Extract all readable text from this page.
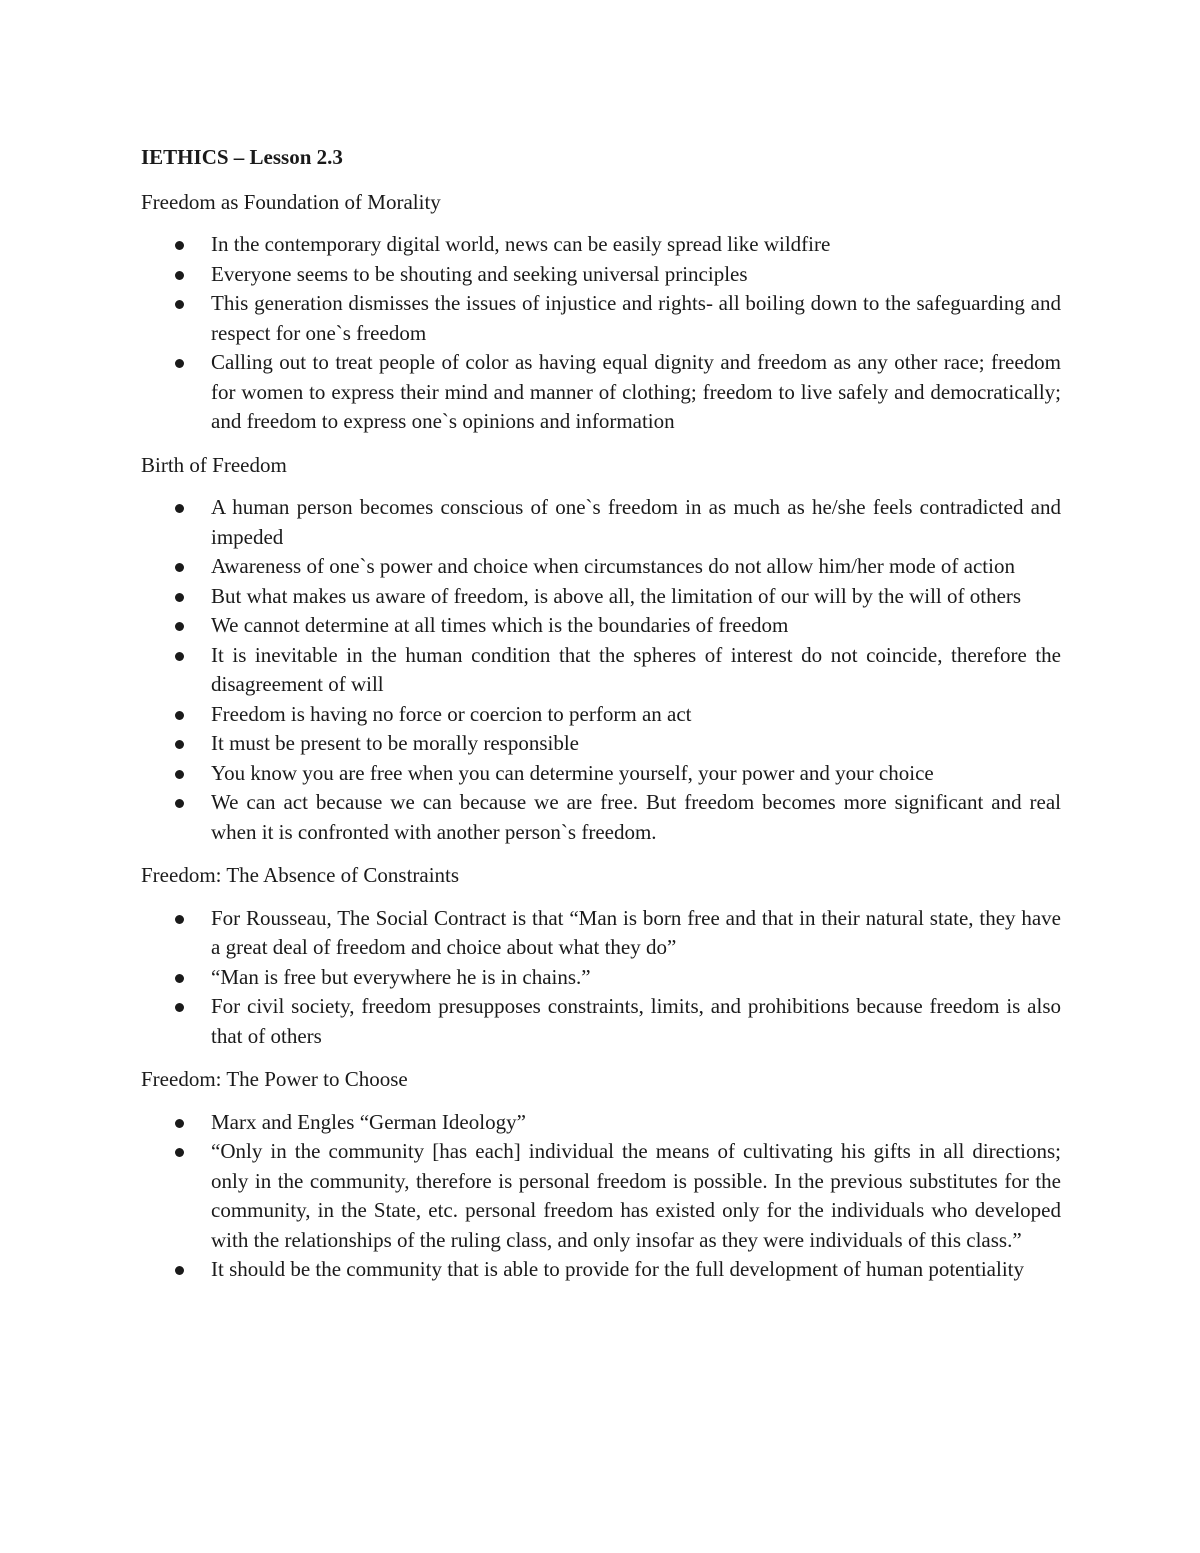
IETHICS – Lesson 2.3
Freedom as Foundation of Morality
In the contemporary digital world, news can be easily spread like wildfire
Everyone seems to be shouting and seeking universal principles
This generation dismisses the issues of injustice and rights- all boiling down to the safeguarding and respect for one`s freedom
Calling out to treat people of color as having equal dignity and freedom as any other race; freedom for women to express their mind and manner of clothing; freedom to live safely and democratically; and freedom to express one`s opinions and information
Birth of Freedom
A human person becomes conscious of one`s freedom in as much as he/she feels contradicted and impeded
Awareness of one`s power and choice when circumstances do not allow him/her mode of action
But what makes us aware of freedom, is above all, the limitation of our will by the will of others
We cannot determine at all times which is the boundaries of freedom
It is inevitable in the human condition that the spheres of interest do not coincide, therefore the disagreement of will
Freedom is having no force or coercion to perform an act
It must be present to be morally responsible
You know you are free when you can determine yourself, your power and your choice
We can act because we can because we are free. But freedom becomes more significant and real when it is confronted with another person`s freedom.
Freedom: The Absence of Constraints
For Rousseau, The Social Contract is that “Man is born free and that in their natural state, they have a great deal of freedom and choice about what they do”
“Man is free but everywhere he is in chains.”
For civil society, freedom presupposes constraints, limits, and prohibitions because freedom is also that of others
Freedom: The Power to Choose
Marx and Engles “German Ideology”
“Only in the community [has each] individual the means of cultivating his gifts in all directions; only in the community, therefore is personal freedom is possible. In the previous substitutes for the community, in the State, etc. personal freedom has existed only for the individuals who developed with the relationships of the ruling class, and only insofar as they were individuals of this class.”
It should be the community that is able to provide for the full development of human potentiality
